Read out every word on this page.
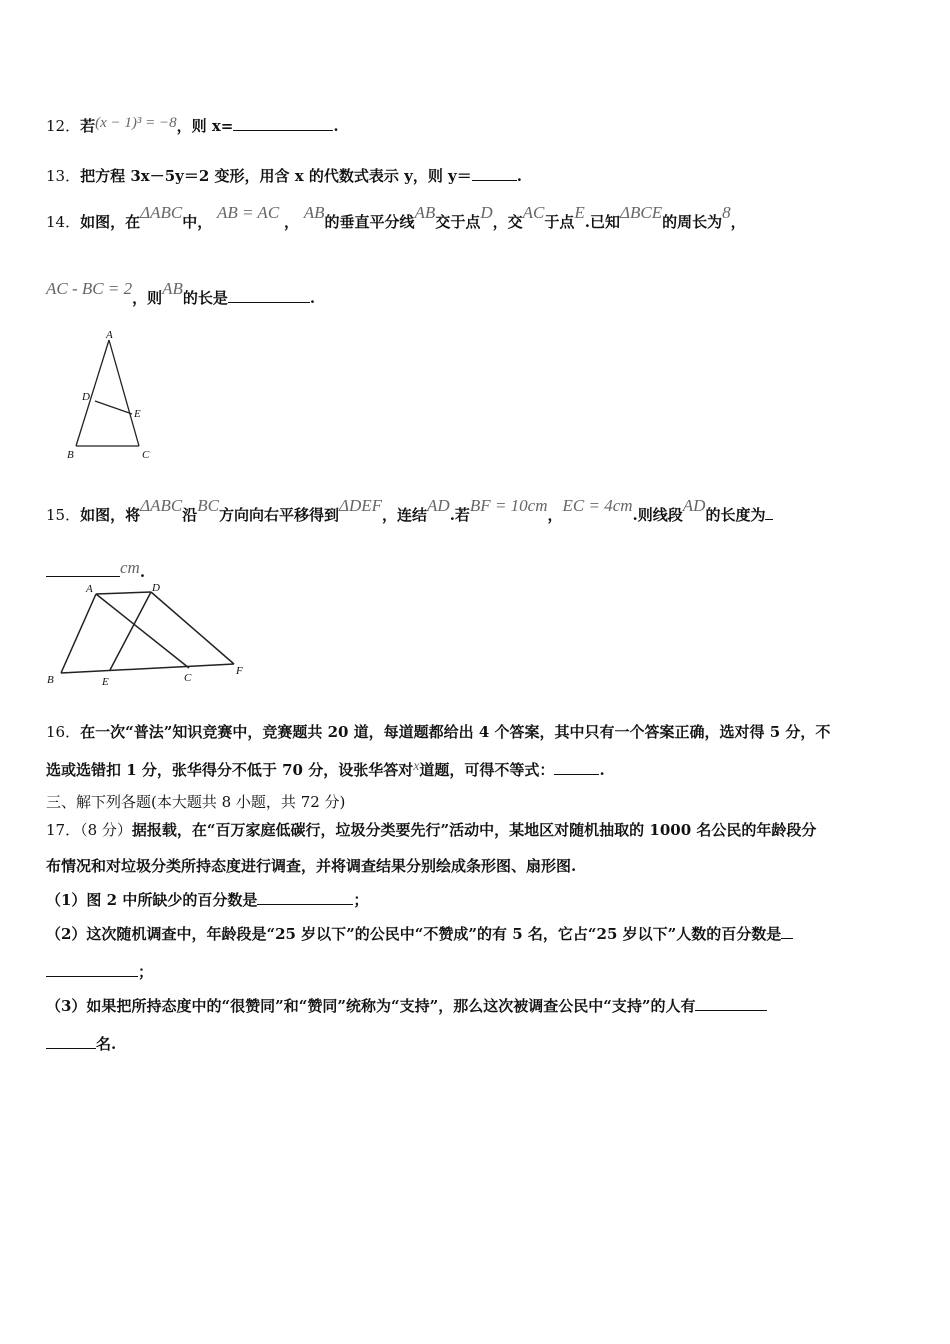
12．若(x − 1)³ = −8，则 x=	.
13．把方程 3x－5y＝2 变形，用含 x 的代数式表示 y，则 y＝	.
14．如图，在ΔABC中， AB = AC ， AB的垂直平分线AB交于点D，交AC于点E.已知ΔBCE的周长为8，
AC - BC = 2，则AB的长是	.
A
D
E
B	C
15．如图，将ΔABC沿BC方向向右平移得到ΔDEF，连结AD.若BF = 10cm，EC = 4cm.则线段AD的长度为
cm.
A	D
B	E	C
F
16．在一次“普法”知识竞赛中，竞赛题共 20 道，每道题都给出 4 个答案，其中只有一个答案正确，选对得 5 分，不
选或选错扣 1 分，张华得分不低于 70 分，设张华答对x道题，可得不等式：	.
三、解下列各题(本大题共 8 小题，共 72 分)
17．（8 分）据报载，在“百万家庭低碳行，垃圾分类要先行”活动中，某地区对随机抽取的 1000 名公民的年龄段分
布情况和对垃圾分类所持态度进行调查，并将调查结果分别绘成条形图、扇形图.
（1）图 2 中所缺少的百分数是	；
（2）这次随机调查中，年龄段是“25 岁以下”的公民中“不赞成”的有 5 名，它占“25 岁以下”人数的百分数是
；
（3）如果把所持态度中的“很赞同”和“赞同”统称为“支持”，那么这次被调查公民中“支持”的人有
名.
